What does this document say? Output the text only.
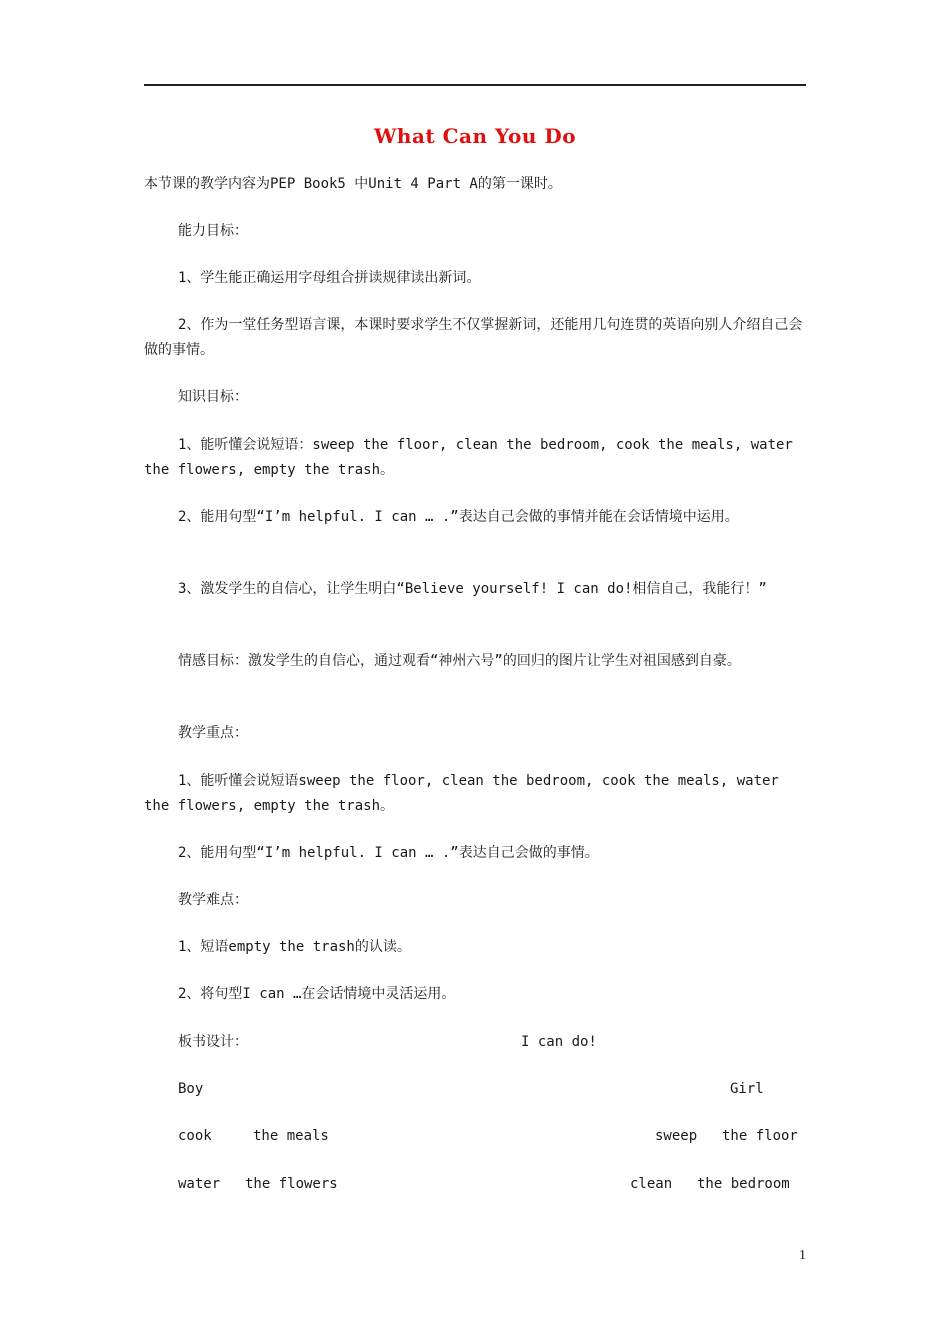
What Can You Do
本节课的教学内容为PEP Book5 中Unit 4 Part A的第一课时。
能力目标：
1、学生能正确运用字母组合拼读规律读出新词。
2、作为一堂任务型语言课，本课时要求学生不仅掌握新词，还能用几句连贯的英语向别人介绍自己会做的事情。
知识目标：
1、能听懂会说短语：sweep the floor, clean the bedroom, cook the meals, water the flowers, empty the trash。
2、能用句型“I’m helpful. I can … .”表达自己会做的事情并能在会话情境中运用。
3、激发学生的自信心，让学生明白“Believe yourself! I can do!相信自己，我能行！”
情感目标：激发学生的自信心，通过观看“神州六号”的回归的图片让学生对祖国感到自豪。
教学重点：
1、能听懂会说短语sweep the floor, clean the bedroom, cook the meals, water the flowers, empty the trash。
2、能用句型“I’m helpful. I can … .”表达自己会做的事情。
教学难点：
1、短语empty the trash的认读。
2、将句型I can …在会话情境中灵活运用。
板书设计：	I can do!
Boy	Girl
cook	the meals	sweep the floor
water the flowers	clean the bedroom
1
